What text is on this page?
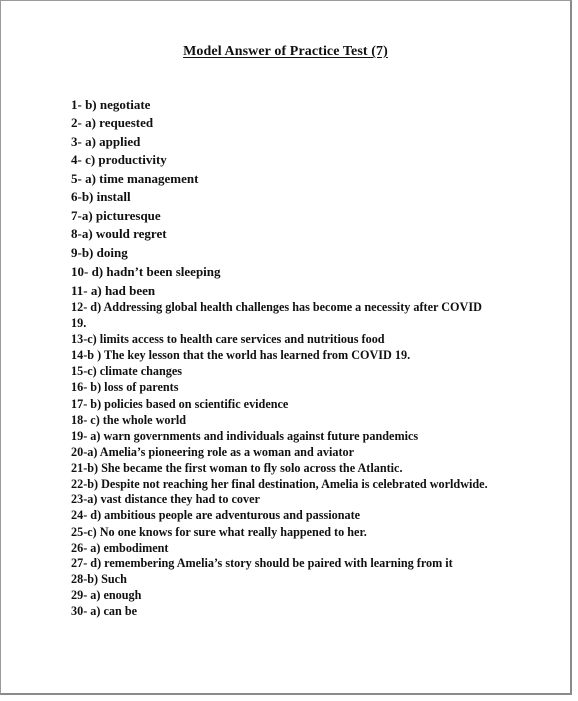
Model Answer of Practice Test (7)
1- b) negotiate
2- a) requested
3- a) applied
4- c) productivity
5- a) time management
6-b) install
7-a) picturesque
8-a) would regret
9-b) doing
10- d) hadn’t been sleeping
11- a) had been
12- d) Addressing global health challenges has become a necessity after COVID 19.
13-c) limits access to health care services and nutritious food
14-b ) The key lesson that the world has learned from COVID 19.
15-c) climate changes
16- b) loss of parents
17- b) policies based on scientific evidence
18- c) the whole world
19- a) warn governments and individuals against future pandemics
20-a) Amelia’s pioneering role as a woman and aviator
21-b) She became the first woman to fly solo across the Atlantic.
22-b) Despite not reaching her final destination, Amelia is celebrated worldwide.
23-a) vast distance they had to cover
24- d) ambitious people are adventurous and passionate
25-c) No one knows for sure what really happened to her.
26- a) embodiment
27- d) remembering Amelia’s story should be paired with learning from it
28-b) Such
29- a) enough
30- a) can be
